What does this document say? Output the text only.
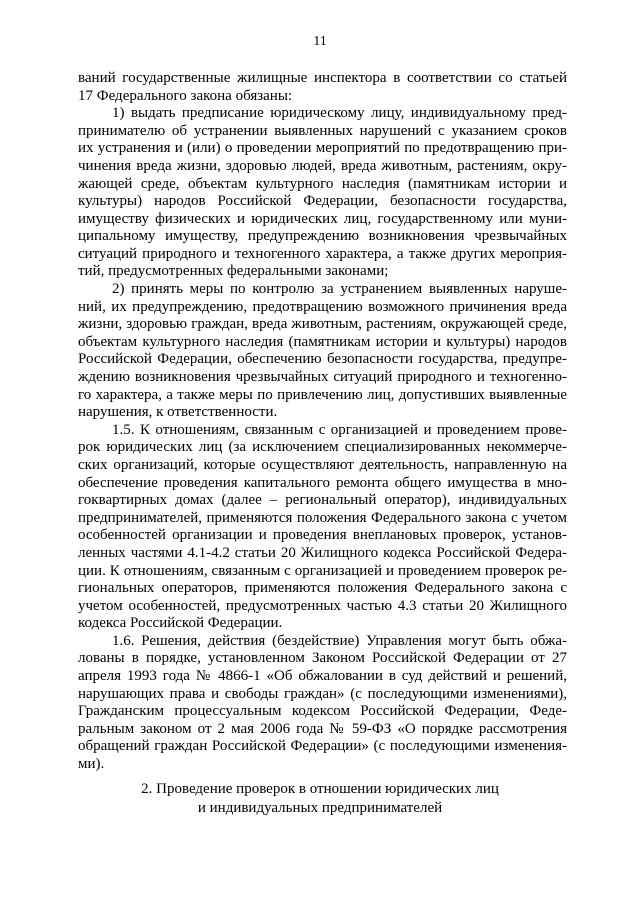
11
ваний государственные жилищные инспектора в соответствии со статьей
17 Федерального закона обязаны:
1) выдать предписание юридическому лицу, индивидуальному пред-
принимателю об устранении выявленных нарушений с указанием сроков
их устранения и (или) о проведении мероприятий по предотвращению при-
чинения вреда жизни, здоровью людей, вреда животным, растениям, окру-
жающей среде, объектам культурного наследия (памятникам истории и
культуры) народов Российской Федерации, безопасности государства,
имуществу физических и юридических лиц, государственному или муни-
ципальному имуществу, предупреждению возникновения чрезвычайных
ситуаций природного и техногенного характера, а также других мероприя-
тий, предусмотренных федеральными законами;
2) принять меры по контролю за устранением выявленных наруше-
ний, их предупреждению, предотвращению возможного причинения вреда
жизни, здоровью граждан, вреда животным, растениям, окружающей среде,
объектам культурного наследия (памятникам истории и культуры) народов
Российской Федерации, обеспечению безопасности государства, предупре-
ждению возникновения чрезвычайных ситуаций природного и техногенно-
го характера, а также меры по привлечению лиц, допустивших выявленные
нарушения, к ответственности.
1.5. К отношениям, связанным с организацией и проведением прове-
рок юридических лиц (за исключением специализированных некоммерче-
ских организаций, которые осуществляют деятельность, направленную на
обеспечение проведения капитального ремонта общего имущества в мно-
гоквартирных домах (далее – региональный оператор), индивидуальных
предпринимателей, применяются положения Федерального закона с учетом
особенностей организации и проведения внеплановых проверок, установ-
ленных частями 4.1-4.2 статьи 20 Жилищного кодекса Российской Федера-
ции. К отношениям, связанным с организацией и проведением проверок ре-
гиональных операторов, применяются положения Федерального закона с
учетом особенностей, предусмотренных частью 4.3 статьи 20 Жилищного
кодекса Российской Федерации.
1.6. Решения, действия (бездействие) Управления могут быть обжа-
лованы в порядке, установленном Законом Российской Федерации от 27
апреля 1993 года № 4866-1 «Об обжаловании в суд действий и решений,
нарушающих права и свободы граждан» (с последующими изменениями),
Гражданским процессуальным кодексом Российской Федерации, Феде-
ральным законом от 2 мая 2006 года № 59-ФЗ «О порядке рассмотрения
обращений граждан Российской Федерации» (с последующими изменения-
ми).
2. Проведение проверок в отношении юридических лиц
и индивидуальных предпринимателей
